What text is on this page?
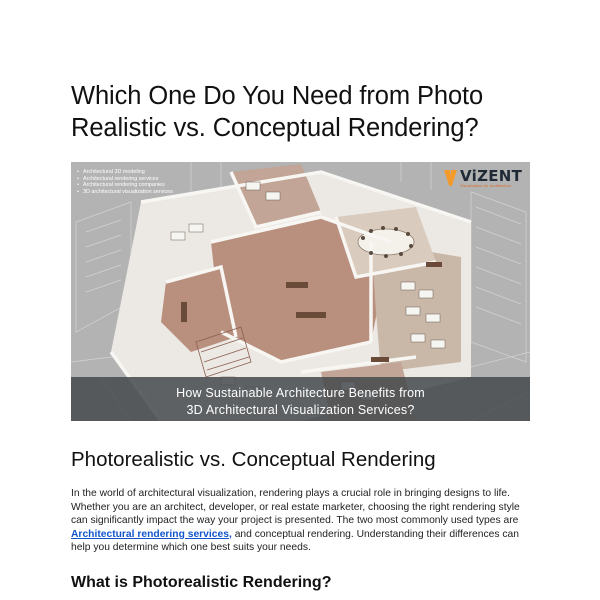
Which One Do You Need from Photo Realistic vs. Conceptual Rendering?
• Architectural 3D modeling
• Architectural rendering services
• Architectural rendering companies
• 3D architectural visualization services
ViZENT
Visualization for Architecture
How Sustainable Architecture Benefits from
3D Architectural Visualization Services?
Photorealistic vs. Conceptual Rendering

In the world of architectural visualization, rendering plays a crucial role in bringing designs to life. Whether you are an architect, developer, or real estate marketer, choosing the right rendering style can significantly impact the way your project is presented. The two most commonly used types are Architectural rendering services, and conceptual rendering. Understanding their differences can help you determine which one best suits your needs.

What is Photorealistic Rendering?
